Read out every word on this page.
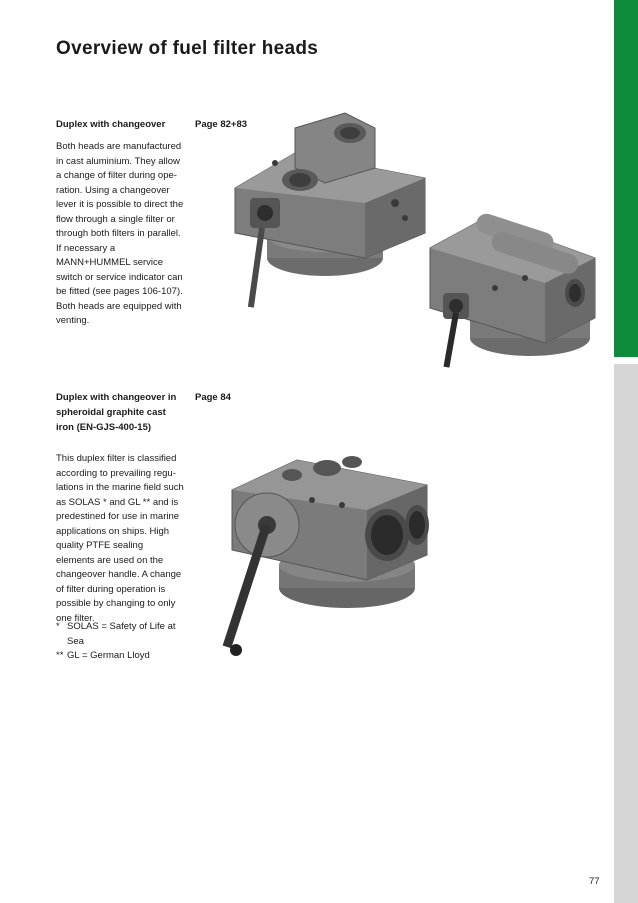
Overview of fuel filter heads
Duplex with changeover	Page 82+83

Both heads are manufactured in cast aluminium. They allow a change of filter during ope-ration. Using a changeover lever it is possible to direct the flow through a single filter or through both filters in parallel. If necessary a MANN+HUMMEL service switch or service indicator can be fitted (see pages 106-107). Both heads are equipped with venting.

Duplex with changeover in spheroidal graphite cast iron (EN-GJS-400-15)
Page 84

This duplex filter is classified according to prevailing regu-lations in the marine field such as SOLAS * and GL ** and is predestined for use in marine applications on ships. High quality PTFE sealing elements are used on the changeover handle. A change of filter during operation is possible by changing to only one filter.

* SOLAS = Safety of Life at Sea

** GL = German Lloyd

77
